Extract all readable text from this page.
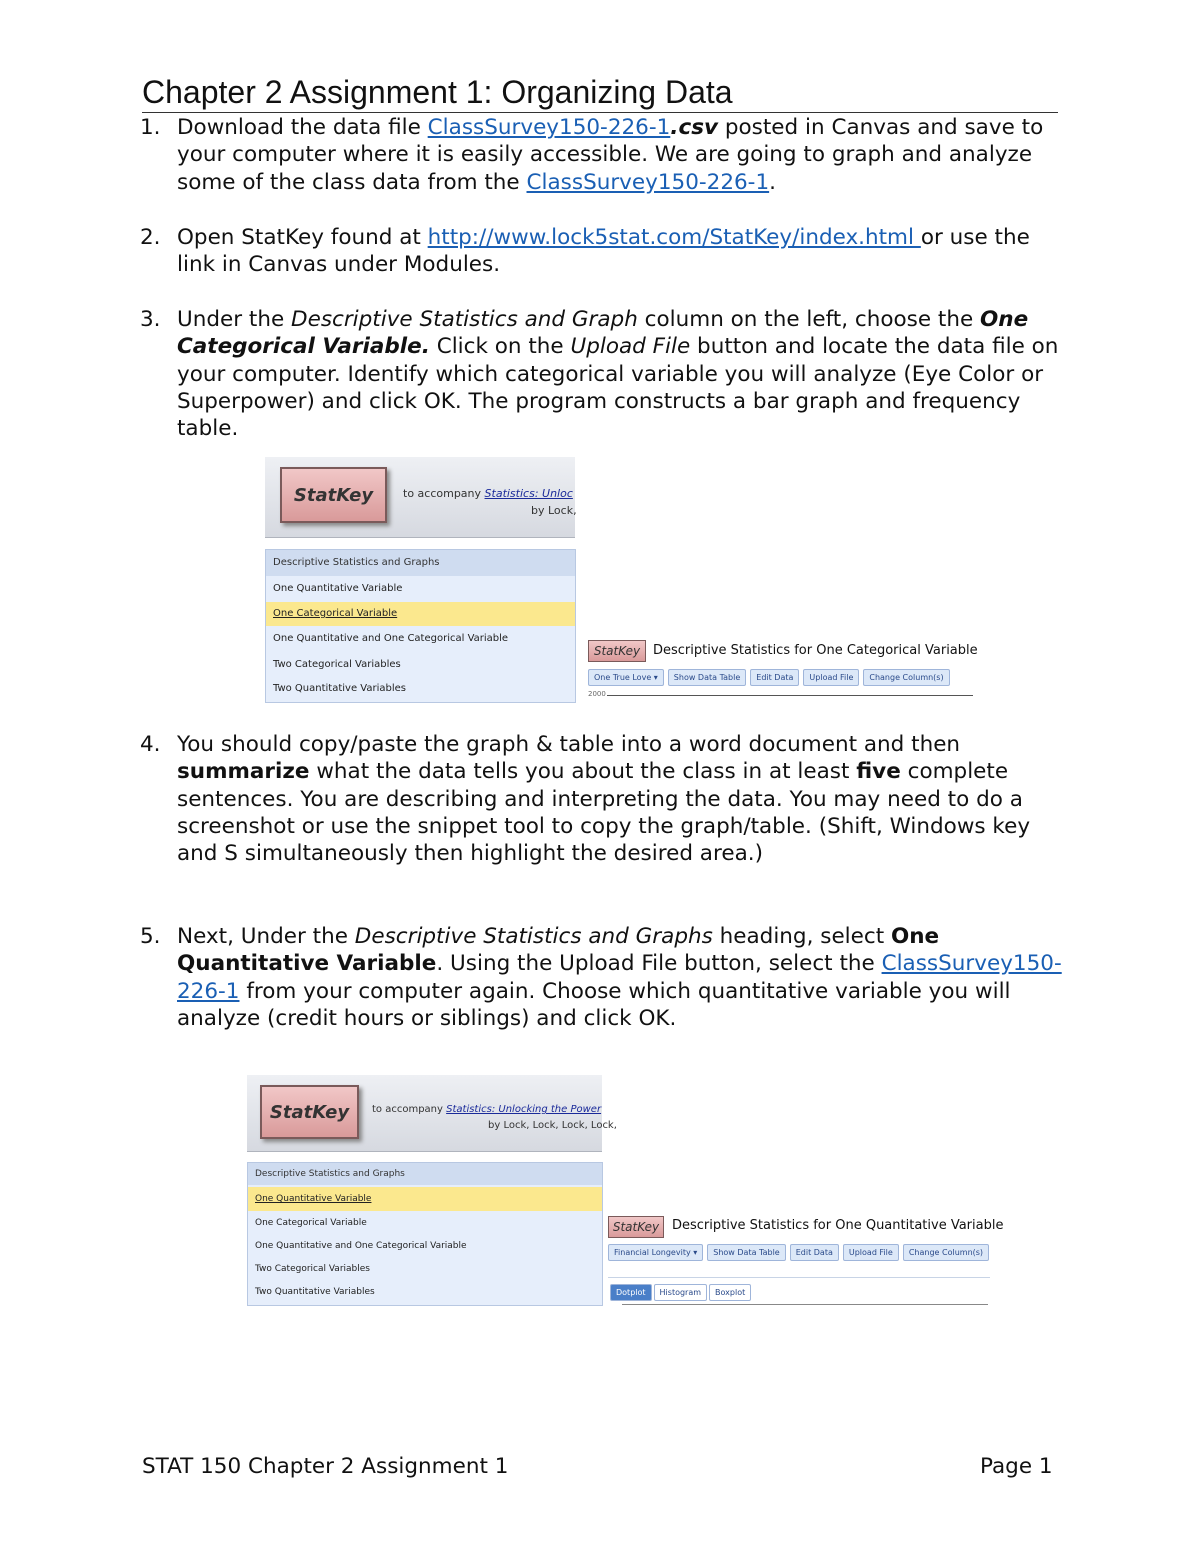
Chapter 2 Assignment 1: Organizing Data
1. Download the data file ClassSurvey150-226-1.csv posted in Canvas and save to your computer where it is easily accessible. We are going to graph and analyze some of the class data from the ClassSurvey150-226-1.
2. Open StatKey found at http://www.lock5stat.com/StatKey/index.html or use the link in Canvas under Modules.
3. Under the Descriptive Statistics and Graph column on the left, choose the One Categorical Variable. Click on the Upload File button and locate the data file on your computer. Identify which categorical variable you will analyze (Eye Color or Superpower) and click OK. The program constructs a bar graph and frequency table.
StatKey	to accompany Statistics: Unloc
by Lock,
Descriptive Statistics and Graphs
One Quantitative Variable
One Categorical Variable
One Quantitative and One Categorical Variable
Two Categorical Variables
Two Quantitative Variables
StatKey Descriptive Statistics for One Categorical Variable
One True Love ▾	Show Data Table	Edit Data	Upload File	Change Column(s)
2000
4. You should copy/paste the graph & table into a word document and then summarize what the data tells you about the class in at least five complete sentences. You are describing and interpreting the data. You may need to do a screenshot or use the snippet tool to copy the graph/table. (Shift, Windows key and S simultaneously then highlight the desired area.)
5. Next, Under the Descriptive Statistics and Graphs heading, select One Quantitative Variable. Using the Upload File button, select the ClassSurvey150-226-1 from your computer again. Choose which quantitative variable you will analyze (credit hours or siblings) and click OK.
StatKey	to accompany Statistics: Unlocking the Power
by Lock, Lock, Lock, Lock,
Descriptive Statistics and Graphs
One Quantitative Variable
One Categorical Variable
One Quantitative and One Categorical Variable
Two Categorical Variables
Two Quantitative Variables
StatKey Descriptive Statistics for One Quantitative Variable
Financial Longevity ▾	Show Data Table	Edit Data	Upload File	Change Column(s)
Dotplot	Histogram	Boxplot
STAT 150 Chapter 2 Assignment 1	Page 1
